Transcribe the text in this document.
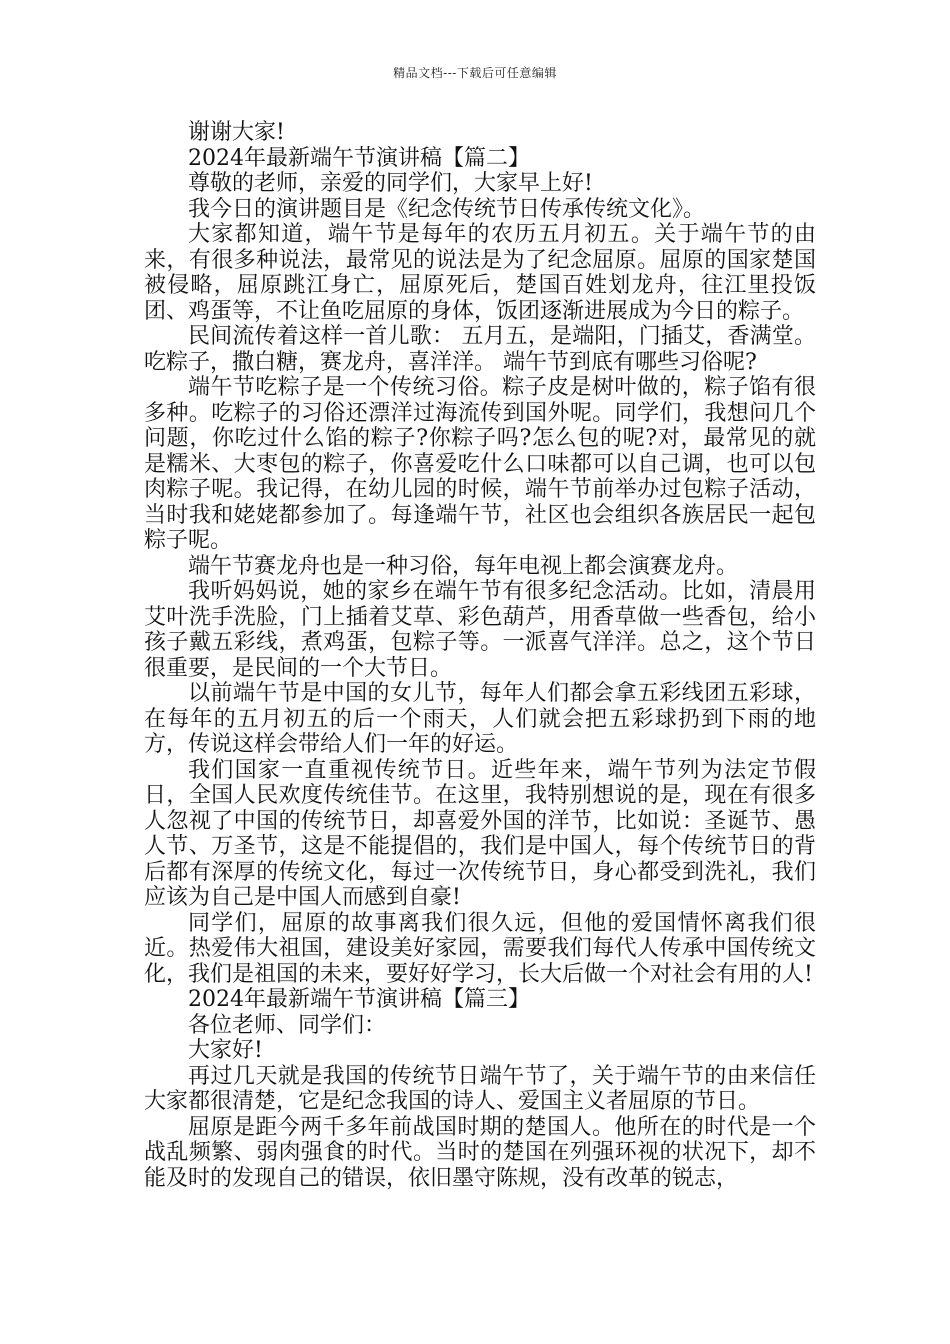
精品文档---下载后可任意编辑

谢谢大家!

2024年最新端午节演讲稿【篇二】

尊敬的老师，亲爱的同学们，大家早上好!

我今日的演讲题目是《纪念传统节日传承传统文化》。

大家都知道，端午节是每年的农历五月初五。关于端午节的由来，有很多种说法，最常见的说法是为了纪念屈原。屈原的国家楚国被侵略，屈原跳江身亡，屈原死后，楚国百姓划龙舟，往江里投饭团、鸡蛋等，不让鱼吃屈原的身体，饭团逐渐进展成为今日的粽子。

民间流传着这样一首儿歌： 五月五，是端阳，门插艾，香满堂。吃粽子，撒白糖，赛龙舟，喜洋洋。 端午节到底有哪些习俗呢?

端午节吃粽子是一个传统习俗。粽子皮是树叶做的，粽子馅有很多种。吃粽子的习俗还漂洋过海流传到国外呢。同学们，我想问几个问题，你吃过什么馅的粽子?你粽子吗?怎么包的呢?对，最常见的就是糯米、大枣包的粽子，你喜爱吃什么口味都可以自己调，也可以包肉粽子呢。我记得，在幼儿园的时候，端午节前举办过包粽子活动，当时我和姥姥都参加了。每逢端午节，社区也会组织各族居民一起包粽子呢。

端午节赛龙舟也是一种习俗，每年电视上都会演赛龙舟。

我听妈妈说，她的家乡在端午节有很多纪念活动。比如，清晨用艾叶洗手洗脸，门上插着艾草、彩色葫芦，用香草做一些香包，给小孩子戴五彩线，煮鸡蛋，包粽子等。一派喜气洋洋。总之，这个节日很重要，是民间的一个大节日。

以前端午节是中国的女儿节，每年人们都会拿五彩线团五彩球，在每年的五月初五的后一个雨天，人们就会把五彩球扔到下雨的地方，传说这样会带给人们一年的好运。

我们国家一直重视传统节日。近些年来，端午节列为法定节假日，全国人民欢度传统佳节。在这里，我特别想说的是，现在有很多人忽视了中国的传统节日，却喜爱外国的洋节，比如说：圣诞节、愚人节、万圣节，这是不能提倡的，我们是中国人，每个传统节日的背后都有深厚的传统文化，每过一次传统节日，身心都受到洗礼，我们应该为自己是中国人而感到自豪!

同学们，屈原的故事离我们很久远，但他的爱国情怀离我们很近。热爱伟大祖国，建设美好家园，需要我们每代人传承中国传统文化，我们是祖国的未来，要好好学习，长大后做一个对社会有用的人!

2024年最新端午节演讲稿【篇三】

各位老师、同学们：

大家好!

再过几天就是我国的传统节日端午节了，关于端午节的由来信任大家都很清楚，它是纪念我国的诗人、爱国主义者屈原的节日。

屈原是距今两千多年前战国时期的楚国人。他所在的时代是一个战乱频繁、弱肉强食的时代。当时的楚国在列强环视的状况下，却不能及时的发现自己的错误，依旧墨守陈规，没有改革的锐志，
